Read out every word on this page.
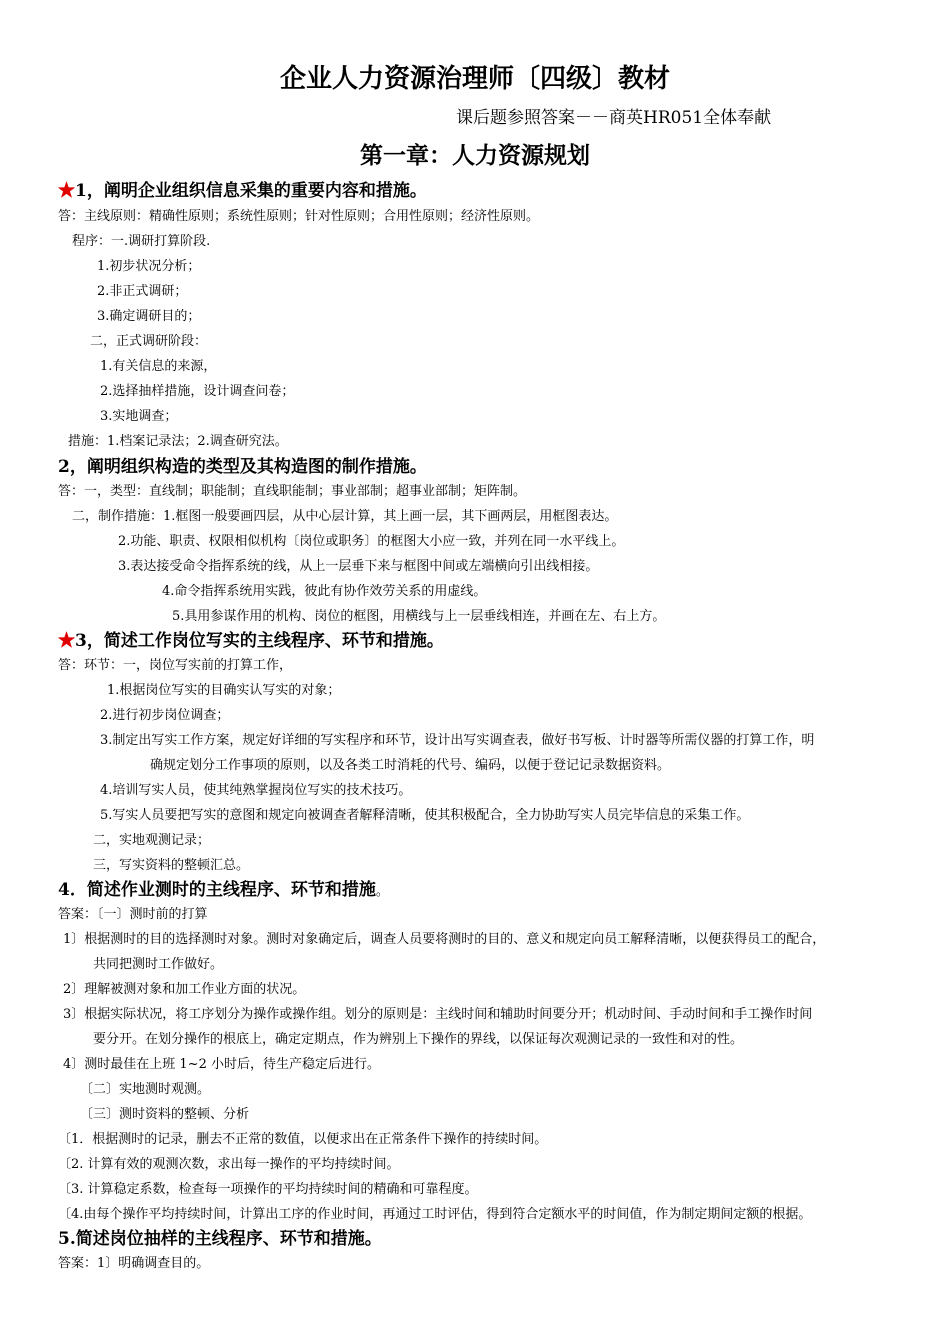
企业人力资源治理师〔四级〕教材
课后题参照答案－－商英HR051全体奉献
第一章：人力资源规划
★1，阐明企业组织信息采集的重要内容和措施。
答：主线原则：精确性原则；系统性原则；针对性原则；合用性原则；经济性原则。
程序：一.调研打算阶段.
1.初步状况分析；
2.非正式调研；
3.确定调研目的；
二，正式调研阶段：
1.有关信息的来源，
2.选择抽样措施，设计调查问卷；
3.实地调查；
措施：1.档案记录法；2.调查研究法。
2，阐明组织构造的类型及其构造图的制作措施。
答：一，类型：直线制；职能制；直线职能制；事业部制；超事业部制；矩阵制。
二，制作措施：1.框图一般要画四层，从中心层计算，其上画一层，其下画两层，用框图表达。
2.功能、职责、权限相似机构〔岗位或职务〕的框图大小应一致，并列在同一水平线上。
3.表达接受命令指挥系统的线，从上一层垂下来与框图中间或左端横向引出线相接。
4.命令指挥系统用实践，彼此有协作效劳关系的用虚线。
5.具用参谋作用的机构、岗位的框图，用横线与上一层垂线相连，并画在左、右上方。
★3，简述工作岗位写实的主线程序、环节和措施。
答：环节：一，岗位写实前的打算工作，
1.根据岗位写实的目确实认写实的对象；
2.进行初步岗位调查；
3.制定出写实工作方案，规定好详细的写实程序和环节，设计出写实调查表，做好书写板、计时器等所需仪器的打算工作，明
确规定划分工作事项的原则，以及各类工时消耗的代号、编码，以便于登记记录数据资料。
4.培训写实人员，使其纯熟掌握岗位写实的技术技巧。
5.写实人员要把写实的意图和规定向被调查者解释清晰，使其积极配合，全力协助写实人员完毕信息的采集工作。
二，实地观测记录；
三，写实资料的整顿汇总。
4．简述作业测时的主线程序、环节和措施。
答案：〔一〕测时前的打算
1〕根据测时的目的选择测时对象。测时对象确定后，调查人员要将测时的目的、意义和规定向员工解释清晰，以便获得员工的配合，
共同把测时工作做好。
2〕理解被测对象和加工作业方面的状况。
3〕根据实际状况，将工序划分为操作或操作组。划分的原则是：主线时间和辅助时间要分开；机动时间、手动时间和手工操作时间
要分开。在划分操作的根底上，确定定期点，作为辨别上下操作的界线，以保证每次观测记录的一致性和对的性。
4〕测时最佳在上班 1~2 小时后，待生产稳定后进行。
〔二〕实地测时观测。
〔三〕测时资料的整顿、分析
〔1．根据测时的记录，删去不正常的数值，以便求出在正常条件下操作的持续时间。
〔2. 计算有效的观测次数，求出每一操作的平均持续时间。
〔3. 计算稳定系数，检查每一项操作的平均持续时间的精确和可靠程度。
〔4.由每个操作平均持续时间，计算出工序的作业时间，再通过工时评估，得到符合定额水平的时间值，作为制定期间定额的根据。
5.简述岗位抽样的主线程序、环节和措施。
答案：1〕明确调查目的。
